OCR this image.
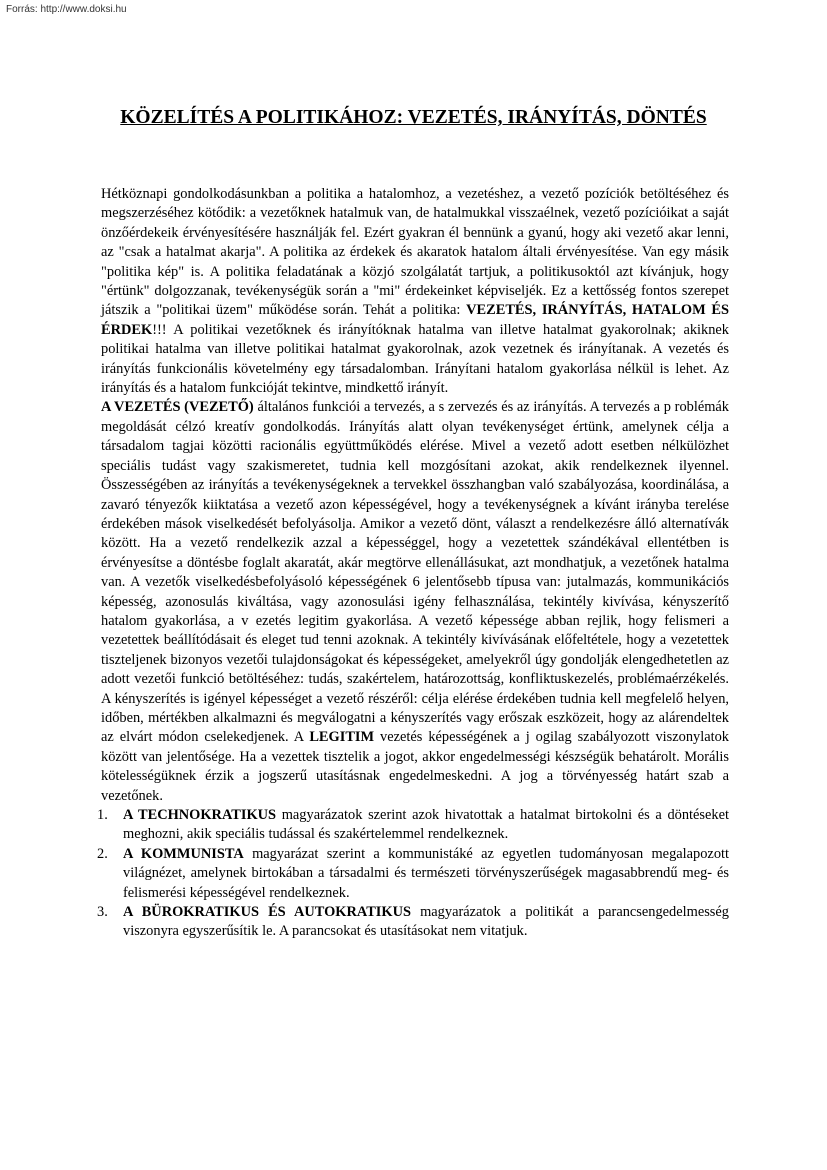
Forrás: http://www.doksi.hu
KÖZELÍTÉS A POLITIKÁHOZ: VEZETÉS, IRÁNYÍTÁS, DÖNTÉS

Hétköznapi gondolkodásunkban a politika a hatalomhoz, a vezetéshez, a vezető pozíciók betöltéséhez és megszerzéséhez kötődik: a vezetőknek hatalmuk van, de hatalmukkal visszaélnek, vezető pozícióikat a saját önzőérdekeik érvényesítésére használják fel. Ezért gyakran él bennünk a gyanú, hogy aki vezető akar lenni, az "csak a hatalmat akarja". A politika az érdekek és akaratok hatalom általi érvényesítése. Van egy másik "politika kép" is. A politika feladatának a közjó szolgálatát tartjuk, a politikusoktól azt kívánjuk, hogy "értünk" dolgozzanak, tevékenységük során a "mi" érdekeinket képviseljék. Ez a kettősség fontos szerepet játszik a "politikai üzem" működése során. Tehát a politika: VEZETÉS, IRÁNYÍTÁS, HATALOM ÉS ÉRDEK!!! A politikai vezetőknek és irányítóknak hatalma van illetve hatalmat gyakorolnak; akiknek politikai hatalma van illetve politikai hatalmat gyakorolnak, azok vezetnek és irányítanak. A vezetés és irányítás funkcionális követelmény egy társadalomban. Irányítani hatalom gyakorlása nélkül is lehet. Az irányítás és a hatalom funkcióját tekintve, mindkettő irányít.

A VEZETÉS (VEZETŐ) általános funkciói a tervezés, a s zervezés és az irányítás. A tervezés a p roblémák megoldását célzó kreatív gondolkodás. Irányítás alatt olyan tevékenységet értünk, amelynek célja a társadalom tagjai közötti racionális együttműködés elérése. Mivel a vezető adott esetben nélkülözhet speciális tudást vagy szakismeretet, tudnia kell mozgósítani azokat, akik rendelkeznek ilyennel. Összességében az irányítás a tevékenységeknek a tervekkel összhangban való szabályozása, koordinálása, a zavaró tényezők kiiktatása a vezető azon képességével, hogy a tevékenységnek a kívánt irányba terelése érdekében mások viselkedését befolyásolja. Amikor a vezető dönt, választ a rendelkezésre álló alternatívák között. Ha a vezető rendelkezik azzal a képességgel, hogy a vezetettek szándékával ellentétben is érvényesítse a döntésbe foglalt akaratát, akár megtörve ellenállásukat, azt mondhatjuk, a vezetőnek hatalma van. A vezetők viselkedésbefolyásoló képességének 6 jelentősebb típusa van: jutalmazás, kommunikációs képesség, azonosulás kiváltása, vagy azonosulási igény felhasználása, tekintély kivívása, kényszerítő hatalom gyakorlása, a v ezetés legitim gyakorlása. A vezető képessége abban rejlik, hogy felismeri a vezetettek beállítódásait és eleget tud tenni azoknak. A tekintély kivívásának előfeltétele, hogy a vezetettek tiszteljenek bizonyos vezetői tulajdonságokat és képességeket, amelyekről úgy gondolják elengedhetetlen az adott vezetői funkció betöltéséhez: tudás, szakértelem, határozottság, konfliktuskezelés, problémaérzékelés. A kényszerítés is igényel képességet a vezető részéről: célja elérése érdekében tudnia kell megfelelő helyen, időben, mértékben alkalmazni és megválogatni a kényszerítés vagy erőszak eszközeit, hogy az alárendeltek az elvárt módon cselekedjenek. A LEGITIM vezetés képességének a j ogilag szabályozott viszonylatok között van jelentősége. Ha a vezettek tisztelik a jogot, akkor engedelmességi készségük behatárolt. Morális kötelességüknek érzik a jogszerű utasításnak engedelmeskedni. A jog a törvényesség határt szab a vezetőnek.

1. A TECHNOKRATIKUS magyarázatok szerint azok hivatottak a hatalmat birtokolni és a döntéseket meghozni, akik speciális tudással és szakértelemmel rendelkeznek.
2. A KOMMUNISTA magyarázat szerint a kommunistáké az egyetlen tudományosan megalapozott világnézet, amelynek birtokában a társadalmi és természeti törvényszerűségek magasabbrendű meg- és felismerési képességével rendelkeznek.
3. A BÜROKRATIKUS ÉS AUTOKRATIKUS magyarázatok a politikát a parancsengedelmesség viszonyra egyszerűsítik le. A parancsokat és utasításokat nem vitatjuk.
